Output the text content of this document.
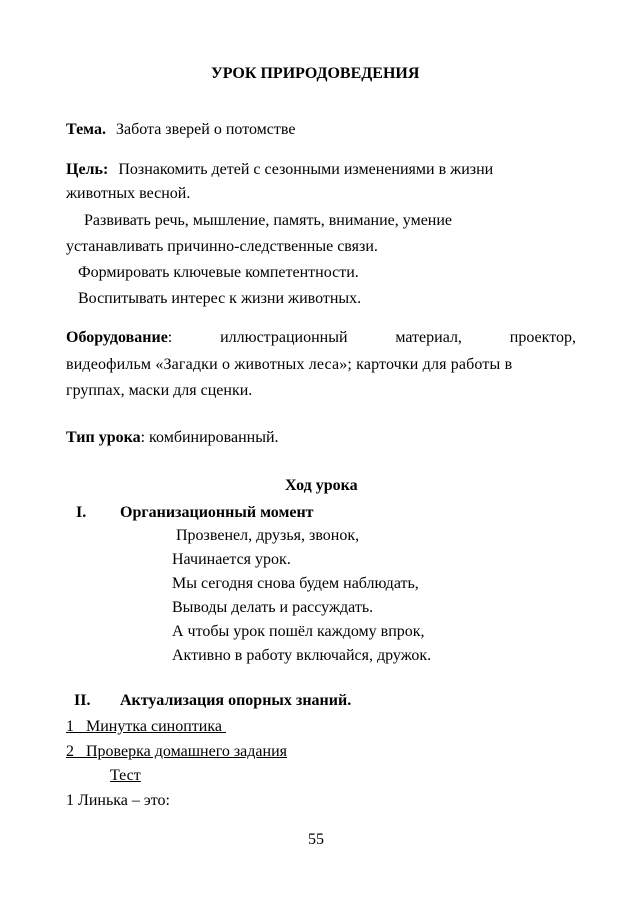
УРОК ПРИРОДОВЕДЕНИЯ
Тема. Забота зверей о потомстве
Цель: Познакомить детей с сезонными изменениями в жизни
животных весной.
Развивать речь, мышление, память, внимание, умение
устанавливать причинно-следственные связи.
Формировать ключевые компетентности.
Воспитывать интерес к жизни животных.
Оборудование:	иллюстрационный	материал,	проектор,
видеофильм «Загадки о животных леса»; карточки для работы в
группах, маски для сценки.
Тип урока: комбинированный.
Ход урока
I. Организационный момент
Прозвенел, друзья, звонок,
Начинается урок.
Мы сегодня снова будем наблюдать,
Выводы делать и рассуждать.
А чтобы урок пошёл каждому впрок,
Активно в работу включайся, дружок.
II. Актуализация опорных знаний.
1   Минутка синоптика
2   Проверка домашнего задания
Тест
1 Линька – это:
55
